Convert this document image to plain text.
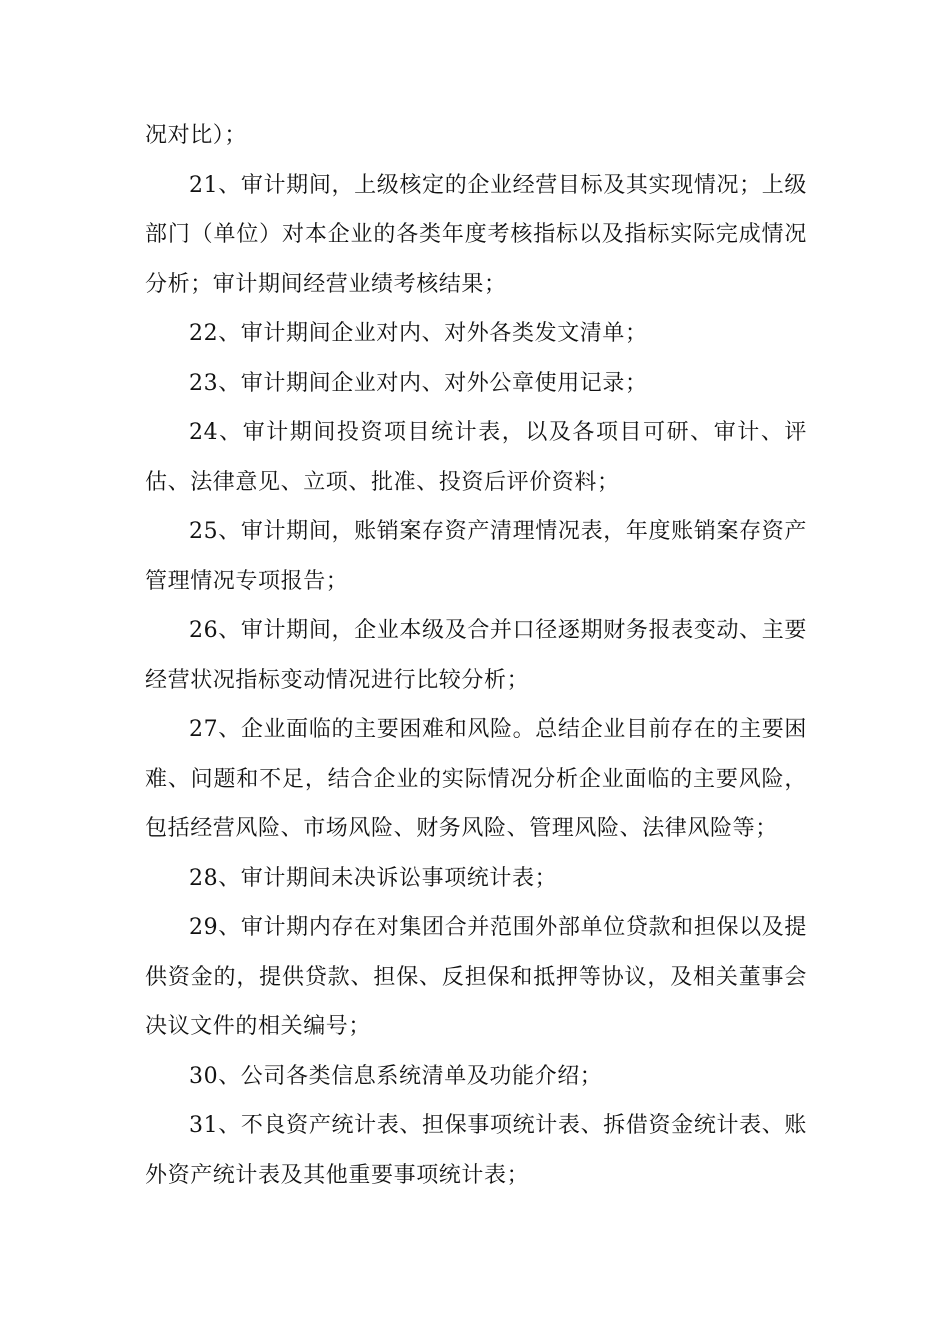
况对比）；

21、审计期间，上级核定的企业经营目标及其实现情况；上级部门（单位）对本企业的各类年度考核指标以及指标实际完成情况分析；审计期间经营业绩考核结果；

22、审计期间企业对内、对外各类发文清单；

23、审计期间企业对内、对外公章使用记录；

24、审计期间投资项目统计表，以及各项目可研、审计、评估、法律意见、立项、批准、投资后评价资料；

25、审计期间，账销案存资产清理情况表，年度账销案存资产管理情况专项报告；

26、审计期间，企业本级及合并口径逐期财务报表变动、主要经营状况指标变动情况进行比较分析；

27、企业面临的主要困难和风险。总结企业目前存在的主要困难、问题和不足，结合企业的实际情况分析企业面临的主要风险，包括经营风险、市场风险、财务风险、管理风险、法律风险等；

28、审计期间未决诉讼事项统计表；

29、审计期内存在对集团合并范围外部单位贷款和担保以及提供资金的，提供贷款、担保、反担保和抵押等协议，及相关董事会决议文件的相关编号；

30、公司各类信息系统清单及功能介绍；

31、不良资产统计表、担保事项统计表、拆借资金统计表、账外资产统计表及其他重要事项统计表；
